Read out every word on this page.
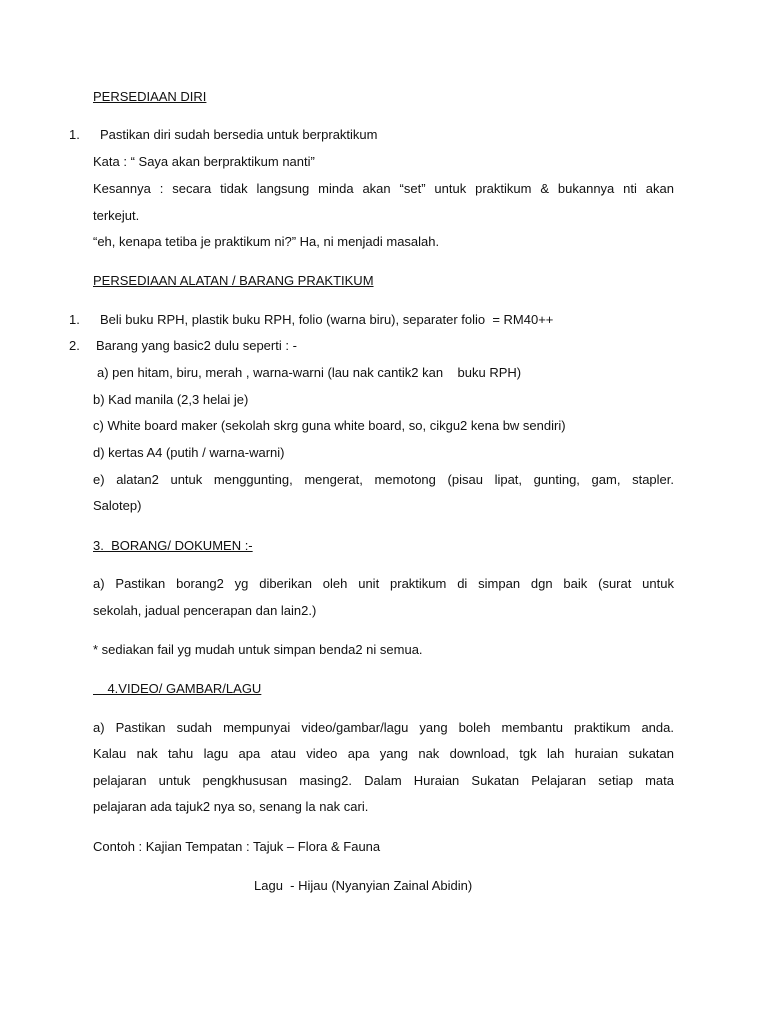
PERSEDIAAN DIRI
1. Pastikan diri sudah bersedia untuk berpraktikum
Kata : “ Saya akan berpraktikum nanti”
Kesannya : secara tidak langsung minda akan “set” untuk praktikum & bukannya nti akan
terkejut.
“eh, kenapa tetiba je praktikum ni?” Ha, ni menjadi masalah.
PERSEDIAAN ALATAN / BARANG PRAKTIKUM
1. Beli buku RPH, plastik buku RPH, folio (warna biru), separater folio  = RM40++
2. Barang yang basic2 dulu seperti : -
a) pen hitam, biru, merah , warna-warni (lau nak cantik2 kan    buku RPH)
b) Kad manila (2,3 helai je)
c) White board maker (sekolah skrg guna white board, so, cikgu2 kena bw sendiri)
d) kertas A4 (putih / warna-warni)
e) alatan2 untuk menggunting, mengerat, memotong (pisau lipat, gunting, gam, stapler.
Salotep)
3.  BORANG/ DOKUMEN :-
a) Pastikan borang2 yg diberikan oleh unit praktikum di simpan dgn baik (surat untuk
sekolah, jadual pencerapan dan lain2.)
* sediakan fail yg mudah untuk simpan benda2 ni semua.
4.VIDEO/ GAMBAR/LAGU
a) Pastikan sudah mempunyai video/gambar/lagu yang boleh membantu praktikum anda.
Kalau nak tahu lagu apa atau video apa yang nak download, tgk lah huraian sukatan
pelajaran untuk pengkhususan masing2. Dalam Huraian Sukatan Pelajaran setiap mata
pelajaran ada tajuk2 nya so, senang la nak cari.
Contoh : Kajian Tempatan : Tajuk – Flora & Fauna
Lagu  - Hijau (Nyanyian Zainal Abidin)
